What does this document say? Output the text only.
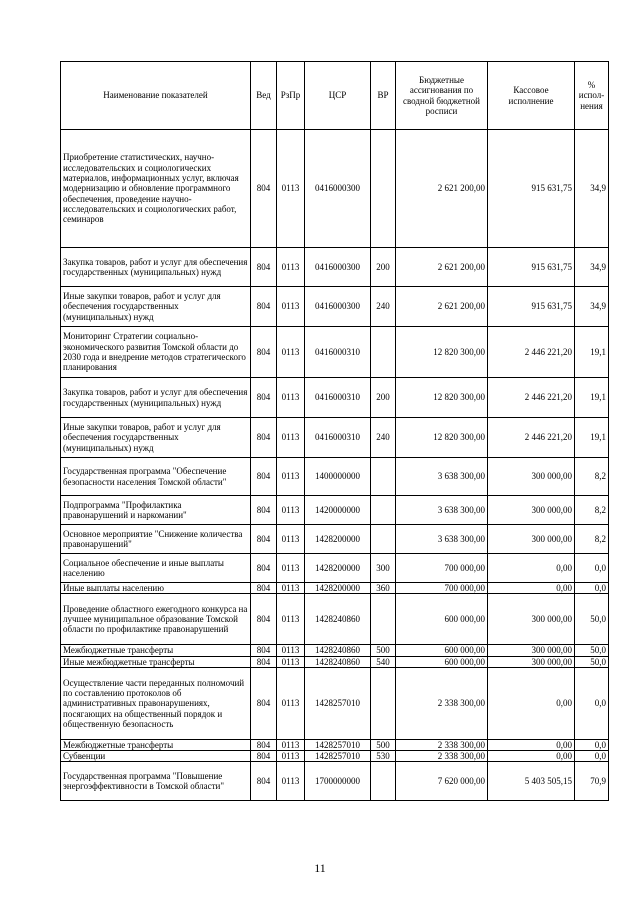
Наименование показателей	Вед	РзПр	ЦСР	ВР	Бюджетные ассигнования по сводной бюджетной росписи	Кассовое исполнение	% испол-нения
Приобретение статистических, научно-исследовательских и социологических материалов, информационных услуг, включая модернизацию и обновление программного обеспечения, проведение научно-исследовательских и социологических работ, семинаров	804	0113	0416000300		2 621 200,00	915 631,75	34,9
Закупка товаров, работ и услуг для обеспечения государственных (муниципальных) нужд	804	0113	0416000300	200	2 621 200,00	915 631,75	34,9
Иные закупки товаров, работ и услуг для обеспечения государственных (муниципальных) нужд	804	0113	0416000300	240	2 621 200,00	915 631,75	34,9
Мониторинг Стратегии социально-экономического развития Томской области до 2030 года и внедрение методов стратегического планирования	804	0113	0416000310		12 820 300,00	2 446 221,20	19,1
Закупка товаров, работ и услуг для обеспечения государственных (муниципальных) нужд	804	0113	0416000310	200	12 820 300,00	2 446 221,20	19,1
Иные закупки товаров, работ и услуг для обеспечения государственных (муниципальных) нужд	804	0113	0416000310	240	12 820 300,00	2 446 221,20	19,1
Государственная программа "Обеспечение безопасности населения Томской области"	804	0113	1400000000		3 638 300,00	300 000,00	8,2
Подпрограмма "Профилактика правонарушений и наркомании"	804	0113	1420000000		3 638 300,00	300 000,00	8,2
Основное мероприятие "Снижение количества правонарушений"	804	0113	1428200000		3 638 300,00	300 000,00	8,2
Социальное обеспечение и иные выплаты населению	804	0113	1428200000	300	700 000,00	0,00	0,0
Иные выплаты населению	804	0113	1428200000	360	700 000,00	0,00	0,0
Проведение областного ежегодного конкурса на лучшее муниципальное образование Томской области по профилактике правонарушений	804	0113	1428240860		600 000,00	300 000,00	50,0
Межбюджетные трансферты	804	0113	1428240860	500	600 000,00	300 000,00	50,0
Иные межбюджетные трансферты	804	0113	1428240860	540	600 000,00	300 000,00	50,0
Осуществление части переданных полномочий по составлению протоколов об административных правонарушениях, посягающих на общественный порядок и общественную безопасность	804	0113	1428257010		2 338 300,00	0,00	0,0
Межбюджетные трансферты	804	0113	1428257010	500	2 338 300,00	0,00	0,0
Субвенции	804	0113	1428257010	530	2 338 300,00	0,00	0,0
Государственная программа "Повышение энергоэффективности в Томской области"	804	0113	1700000000		7 620 000,00	5 403 505,15	70,9
11
